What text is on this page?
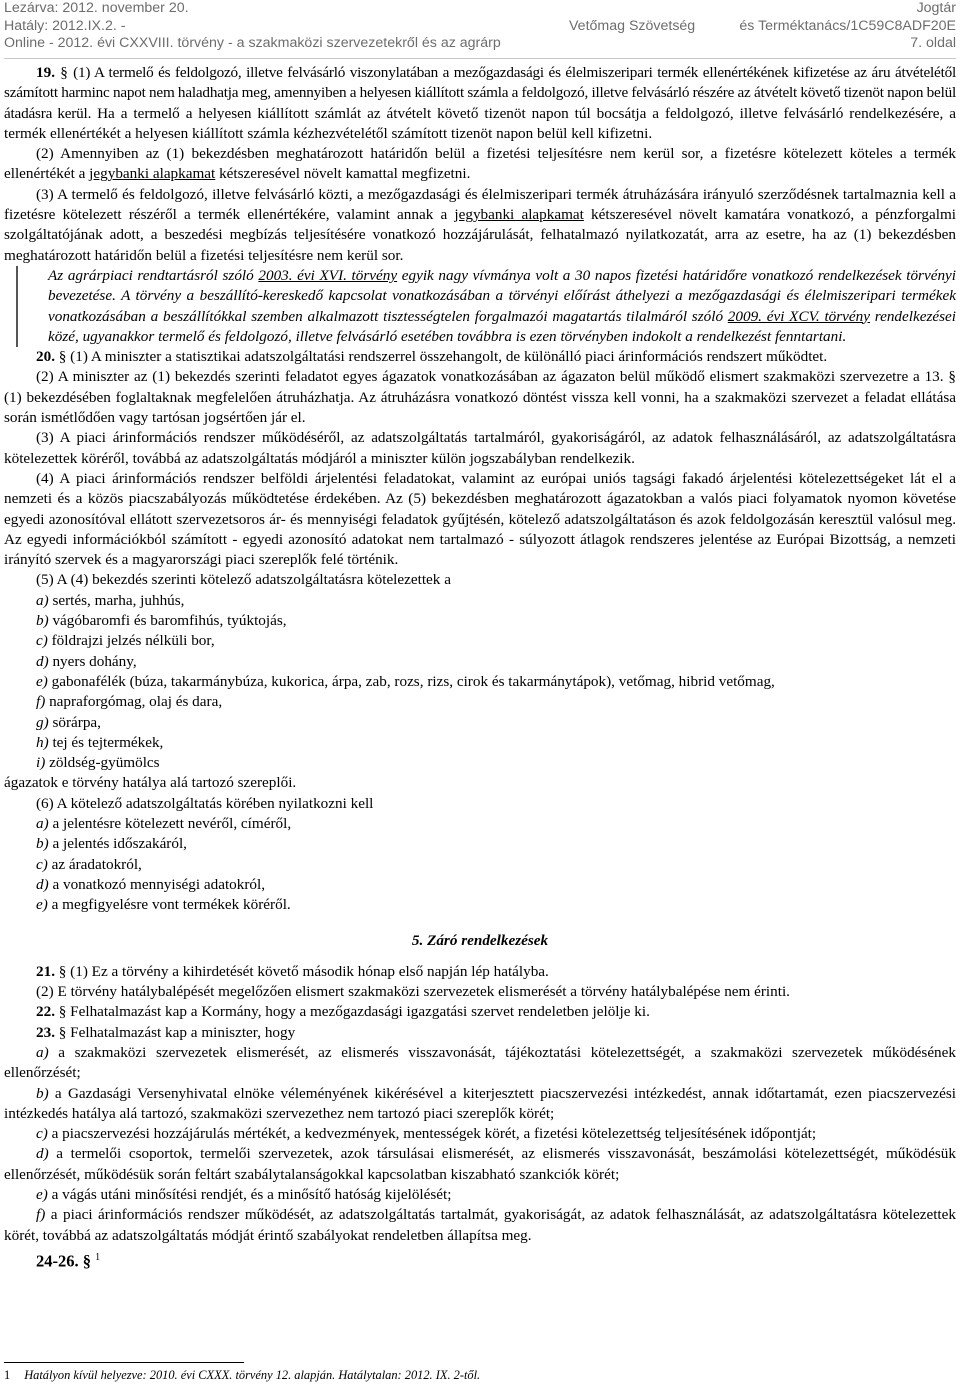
Lezárva: 2012. november 20.	Jogtár
Hatály: 2012.IX.2. -	Vetőmag Szövetség	és Terméktanács/1C59C8ADF20E
Online - 2012. évi CXXVIII. törvény - a szakmaközi szervezetekről és az agrárp	7. oldal

19. § (1) A termelő és feldolgozó, illetve felvásárló viszonylatában a mezőgazdasági és élelmiszeripari termék ellenértékének kifizetése az áru átvételétől számított harminc napot nem haladhatja meg, amennyiben a helyesen kiállított számla a feldolgozó, illetve felvásárló részére az átvételt követő tizenöt napon belül átadásra kerül. Ha a termelő a helyesen kiállított számlát az átvételt követő tizenöt napon túl bocsátja a feldolgozó, illetve felvásárló rendelkezésére, a termék ellenértékét a helyesen kiállított számla kézhezvételétől számított tizenöt napon belül kell kifizetni.

(2) Amennyiben az (1) bekezdésben meghatározott határidőn belül a fizetési teljesítésre nem kerül sor, a fizetésre kötelezett köteles a termék ellenértékét a jegybanki alapkamat kétszeresével növelt kamattal megfizetni.

(3) A termelő és feldolgozó, illetve felvásárló közti, a mezőgazdasági és élelmiszeripari termék átruházására irányuló szerződésnek tartalmaznia kell a fizetésre kötelezett részéről a termék ellenértékére, valamint annak a jegybanki alapkamat kétszeresével növelt kamatára vonatkozó, a pénzforgalmi szolgáltatójának adott, a beszedési megbízás teljesítésére vonatkozó hozzájárulását, felhatalmazó nyilatkozatát, arra az esetre, ha az (1) bekezdésben meghatározott határidőn belül a fizetési teljesítésre nem kerül sor.

Az agrárpiaci rendtartásról szóló 2003. évi XVI. törvény egyik nagy vívmánya volt a 30 napos fizetési határidőre vonatkozó rendelkezések törvényi bevezetése. A törvény a beszállító-kereskedő kapcsolat vonatkozásában a törvényi előírást áthelyezi a mezőgazdasági és élelmiszeripari termékek vonatkozásában a beszállítókkal szemben alkalmazott tisztességtelen forgalmazói magatartás tilalmáról szóló 2009. évi XCV. törvény rendelkezései közé, ugyanakkor termelő és feldolgozó, illetve felvásárló esetében továbbra is ezen törvényben indokolt a rendelkezést fenntartani.

20. § (1) A miniszter a statisztikai adatszolgáltatási rendszerrel összehangolt, de különálló piaci árinformációs rendszert működtet.

(2) A miniszter az (1) bekezdés szerinti feladatot egyes ágazatok vonatkozásában az ágazaton belül működő elismert szakmaközi szervezetre a 13. § (1) bekezdésében foglaltaknak megfelelően átruházhatja. Az átruházásra vonatkozó döntést vissza kell vonni, ha a szakmaközi szervezet a feladat ellátása során ismétlődően vagy tartósan jogsértően jár el.

(3) A piaci árinformációs rendszer működéséről, az adatszolgáltatás tartalmáról, gyakoriságáról, az adatok felhasználásáról, az adatszolgáltatásra kötelezettek köréről, továbbá az adatszolgáltatás módjáról a miniszter külön jogszabályban rendelkezik.

(4) A piaci árinformációs rendszer belföldi árjelentési feladatokat, valamint az európai uniós tagsági fakadó árjelentési kötelezettségeket lát el a nemzeti és a közös piacszabályozás működtetése érdekében. Az (5) bekezdésben meghatározott ágazatokban a valós piaci folyamatok nyomon követése egyedi azonosítóval ellátott szervezetsoros ár- és mennyiségi feladatok gyűjtésén, kötelező adatszolgáltatáson és azok feldolgozásán keresztül valósul meg. Az egyedi információkból számított - egyedi azonosító adatokat nem tartalmazó - súlyozott átlagok rendszeres jelentése az Európai Bizottság, a nemzeti irányító szervek és a magyarországi piaci szereplők felé történik.

(5) A (4) bekezdés szerinti kötelező adatszolgáltatásra kötelezettek a

a) sertés, marha, juhhús,

b) vágóbaromfi és baromfihús, tyúktojás,

c) földrajzi jelzés nélküli bor,

d) nyers dohány,

e) gabonafélék (búza, takarmánybúza, kukorica, árpa, zab, rozs, rizs, cirok és takarmánytápok), vetőmag, hibrid vetőmag,

f) napraforgómag, olaj és dara,

g) sörárpa,

h) tej és tejtermékek,

i) zöldség-gyümölcs

ágazatok e törvény hatálya alá tartozó szereplői.

(6) A kötelező adatszolgáltatás körében nyilatkozni kell

a) a jelentésre kötelezett nevéről, címéről,

b) a jelentés időszakáról,

c) az áradatokról,

d) a vonatkozó mennyiségi adatokról,

e) a megfigyelésre vont termékek köréről.

5. Záró rendelkezések

21. § (1) Ez a törvény a kihirdetését követő második hónap első napján lép hatályba.

(2) E törvény hatálybalépését megelőzően elismert szakmaközi szervezetek elismerését a törvény hatálybalépése nem érinti.

22. § Felhatalmazást kap a Kormány, hogy a mezőgazdasági igazgatási szervet rendeletben jelölje ki.

23. § Felhatalmazást kap a miniszter, hogy

a) a szakmaközi szervezetek elismerését, az elismerés visszavonását, tájékoztatási kötelezettségét, a szakmaközi szervezetek működésének ellenőrzését;

b) a Gazdasági Versenyhivatal elnöke véleményének kikérésével a kiterjesztett piacszervezési intézkedést, annak időtartamát, ezen piacszervezési intézkedés hatálya alá tartozó, szakmaközi szervezethez nem tartozó piaci szereplők körét;

c) a piacszervezési hozzájárulás mértékét, a kedvezmények, mentességek körét, a fizetési kötelezettség teljesítésének időpontját;

d) a termelői csoportok, termelői szervezetek, azok társulásai elismerését, az elismerés visszavonását, beszámolási kötelezettségét, működésük ellenőrzését, működésük során feltárt szabálytalanságokkal kapcsolatban kiszabható szankciók körét;

e) a vágás utáni minősítési rendjét, és a minősítő hatóság kijelölését;

f) a piaci árinformációs rendszer működését, az adatszolgáltatás tartalmát, gyakoriságát, az adatok felhasználását, az adatszolgáltatásra kötelezettek körét, továbbá az adatszolgáltatás módját érintő szabályokat rendeletben állapítsa meg.

24-26. § $^1$

1 Hatályon kívül helyezve: 2010. évi CXXX. törvény 12. alapján. Hatálytalan: 2012. IX. 2-től.
